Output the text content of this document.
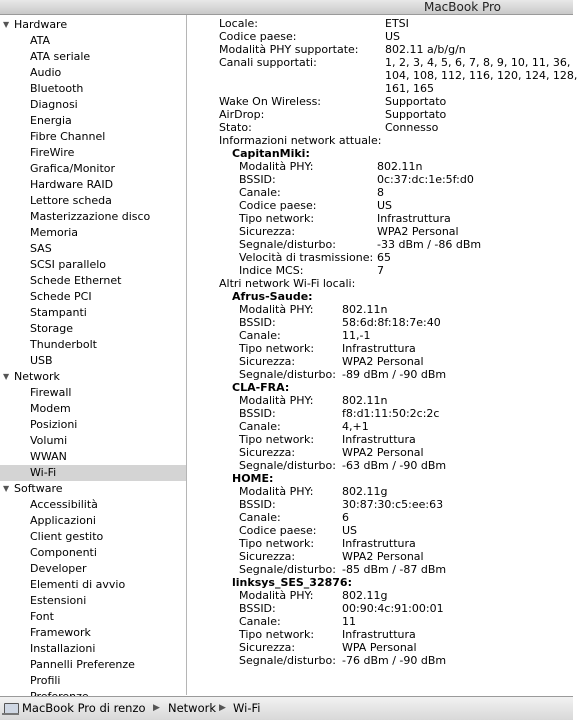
MacBook Pro
▼ Hardware
ATA
ATA seriale
Audio
Bluetooth
Diagnosi
Energia
Fibre Channel
FireWire
Grafica/Monitor
Hardware RAID
Lettore scheda
Masterizzazione disco
Memoria
SAS
SCSI parallelo
Schede Ethernet
Schede PCI
Stampanti
Storage
Thunderbolt
USB
▼ Network
Firewall
Modem
Posizioni
Volumi
WWAN
Wi-Fi
▼ Software
Accessibilità
Applicazioni
Client gestito
Componenti
Developer
Elementi di avvio
Estensioni
Font
Framework
Installazioni
Pannelli Preferenze
Profili
Locale:	ETSI
Codice paese:	US
Modalità PHY supportate: 802.11 a/b/g/n
Canali supportati:	1, 2, 3, 4, 5, 6, 7, 8, 9, 10, 11, 36,
104, 108, 112, 116, 120, 124, 128,
161, 165
Wake On Wireless:	Supportato
AirDrop:	Supportato
Stato:	Connesso
Informazioni network attuale:
CapitanMiki:
Modalità PHY:	802.11n
BSSID:	0c:37:dc:1e:5f:d0
Canale:	8
Codice paese:	US
Tipo network:	Infrastruttura
Sicurezza:	WPA2 Personal
Segnale/disturbo:	-33 dBm / -86 dBm
Velocità di trasmissione: 65
Indice MCS:	7
Altri network Wi-Fi locali:
Afrus-Saude:
Modalità PHY:	802.11n
BSSID:	58:6d:8f:18:7e:40
Canale:	11,-1
Tipo network:	Infrastruttura
Sicurezza:	WPA2 Personal
Segnale/disturbo: -89 dBm / -90 dBm
CLA-FRA:
Modalità PHY:	802.11n
BSSID:	f8:d1:11:50:2c:2c
Canale:	4,+1
Tipo network:	Infrastruttura
Sicurezza:	WPA2 Personal
Segnale/disturbo: -63 dBm / -90 dBm
HOME:
Modalità PHY:	802.11g
BSSID:	30:87:30:c5:ee:63
Canale:	6
Codice paese: US
Tipo network:	Infrastruttura
Sicurezza:	WPA2 Personal
Segnale/disturbo: -85 dBm / -87 dBm
linksys_SES_32876:
Modalità PHY:	802.11g
BSSID:	00:90:4c:91:00:01
Canale:	11
Tipo network:	Infrastruttura
Sicurezza:	WPA Personal
Segnale/disturbo: -76 dBm / -90 dBm
MacBook Pro di renzo ▶ Network ▶ Wi-Fi
